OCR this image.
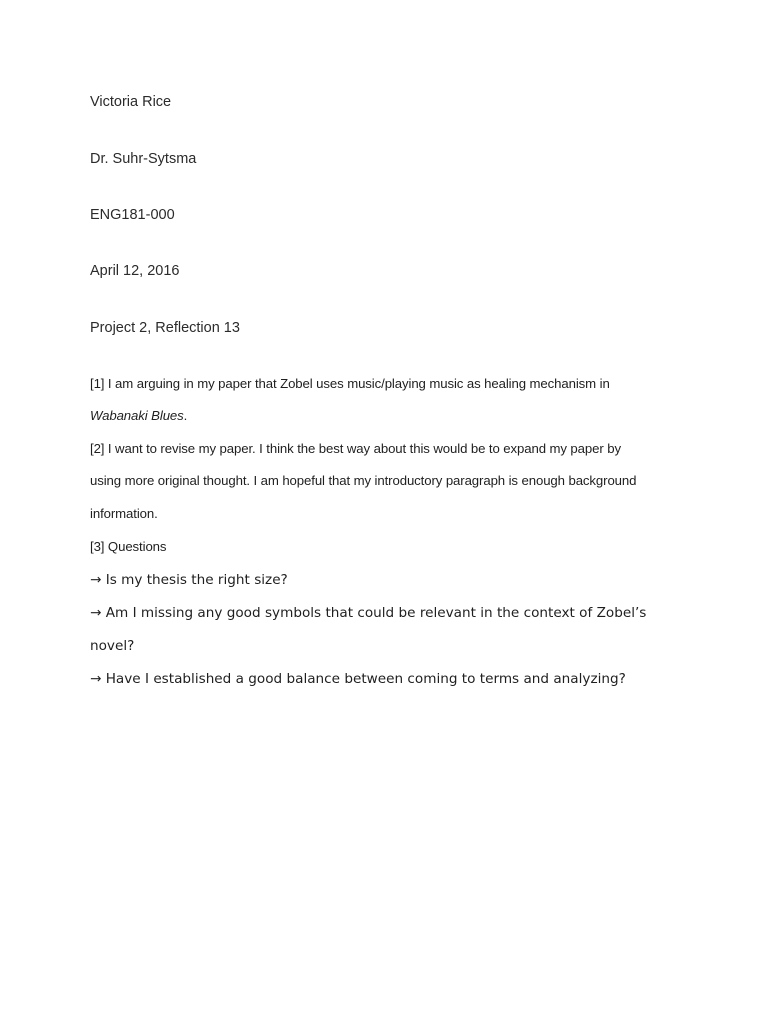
Victoria Rice
Dr. Suhr-Sytsma
ENG181-000
April 12, 2016
Project 2, Reflection 13
[1] I am arguing in my paper that Zobel uses music/playing music as healing mechanism in
Wabanaki Blues.
[2] I want to revise my paper. I think the best way about this would be to expand my paper by
using more original thought. I am hopeful that my introductory paragraph is enough background
information.
[3] Questions
→ Is my thesis the right size?
→ Am I missing any good symbols that could be relevant in the context of Zobel’s
novel?
→ Have I established a good balance between coming to terms and analyzing?
